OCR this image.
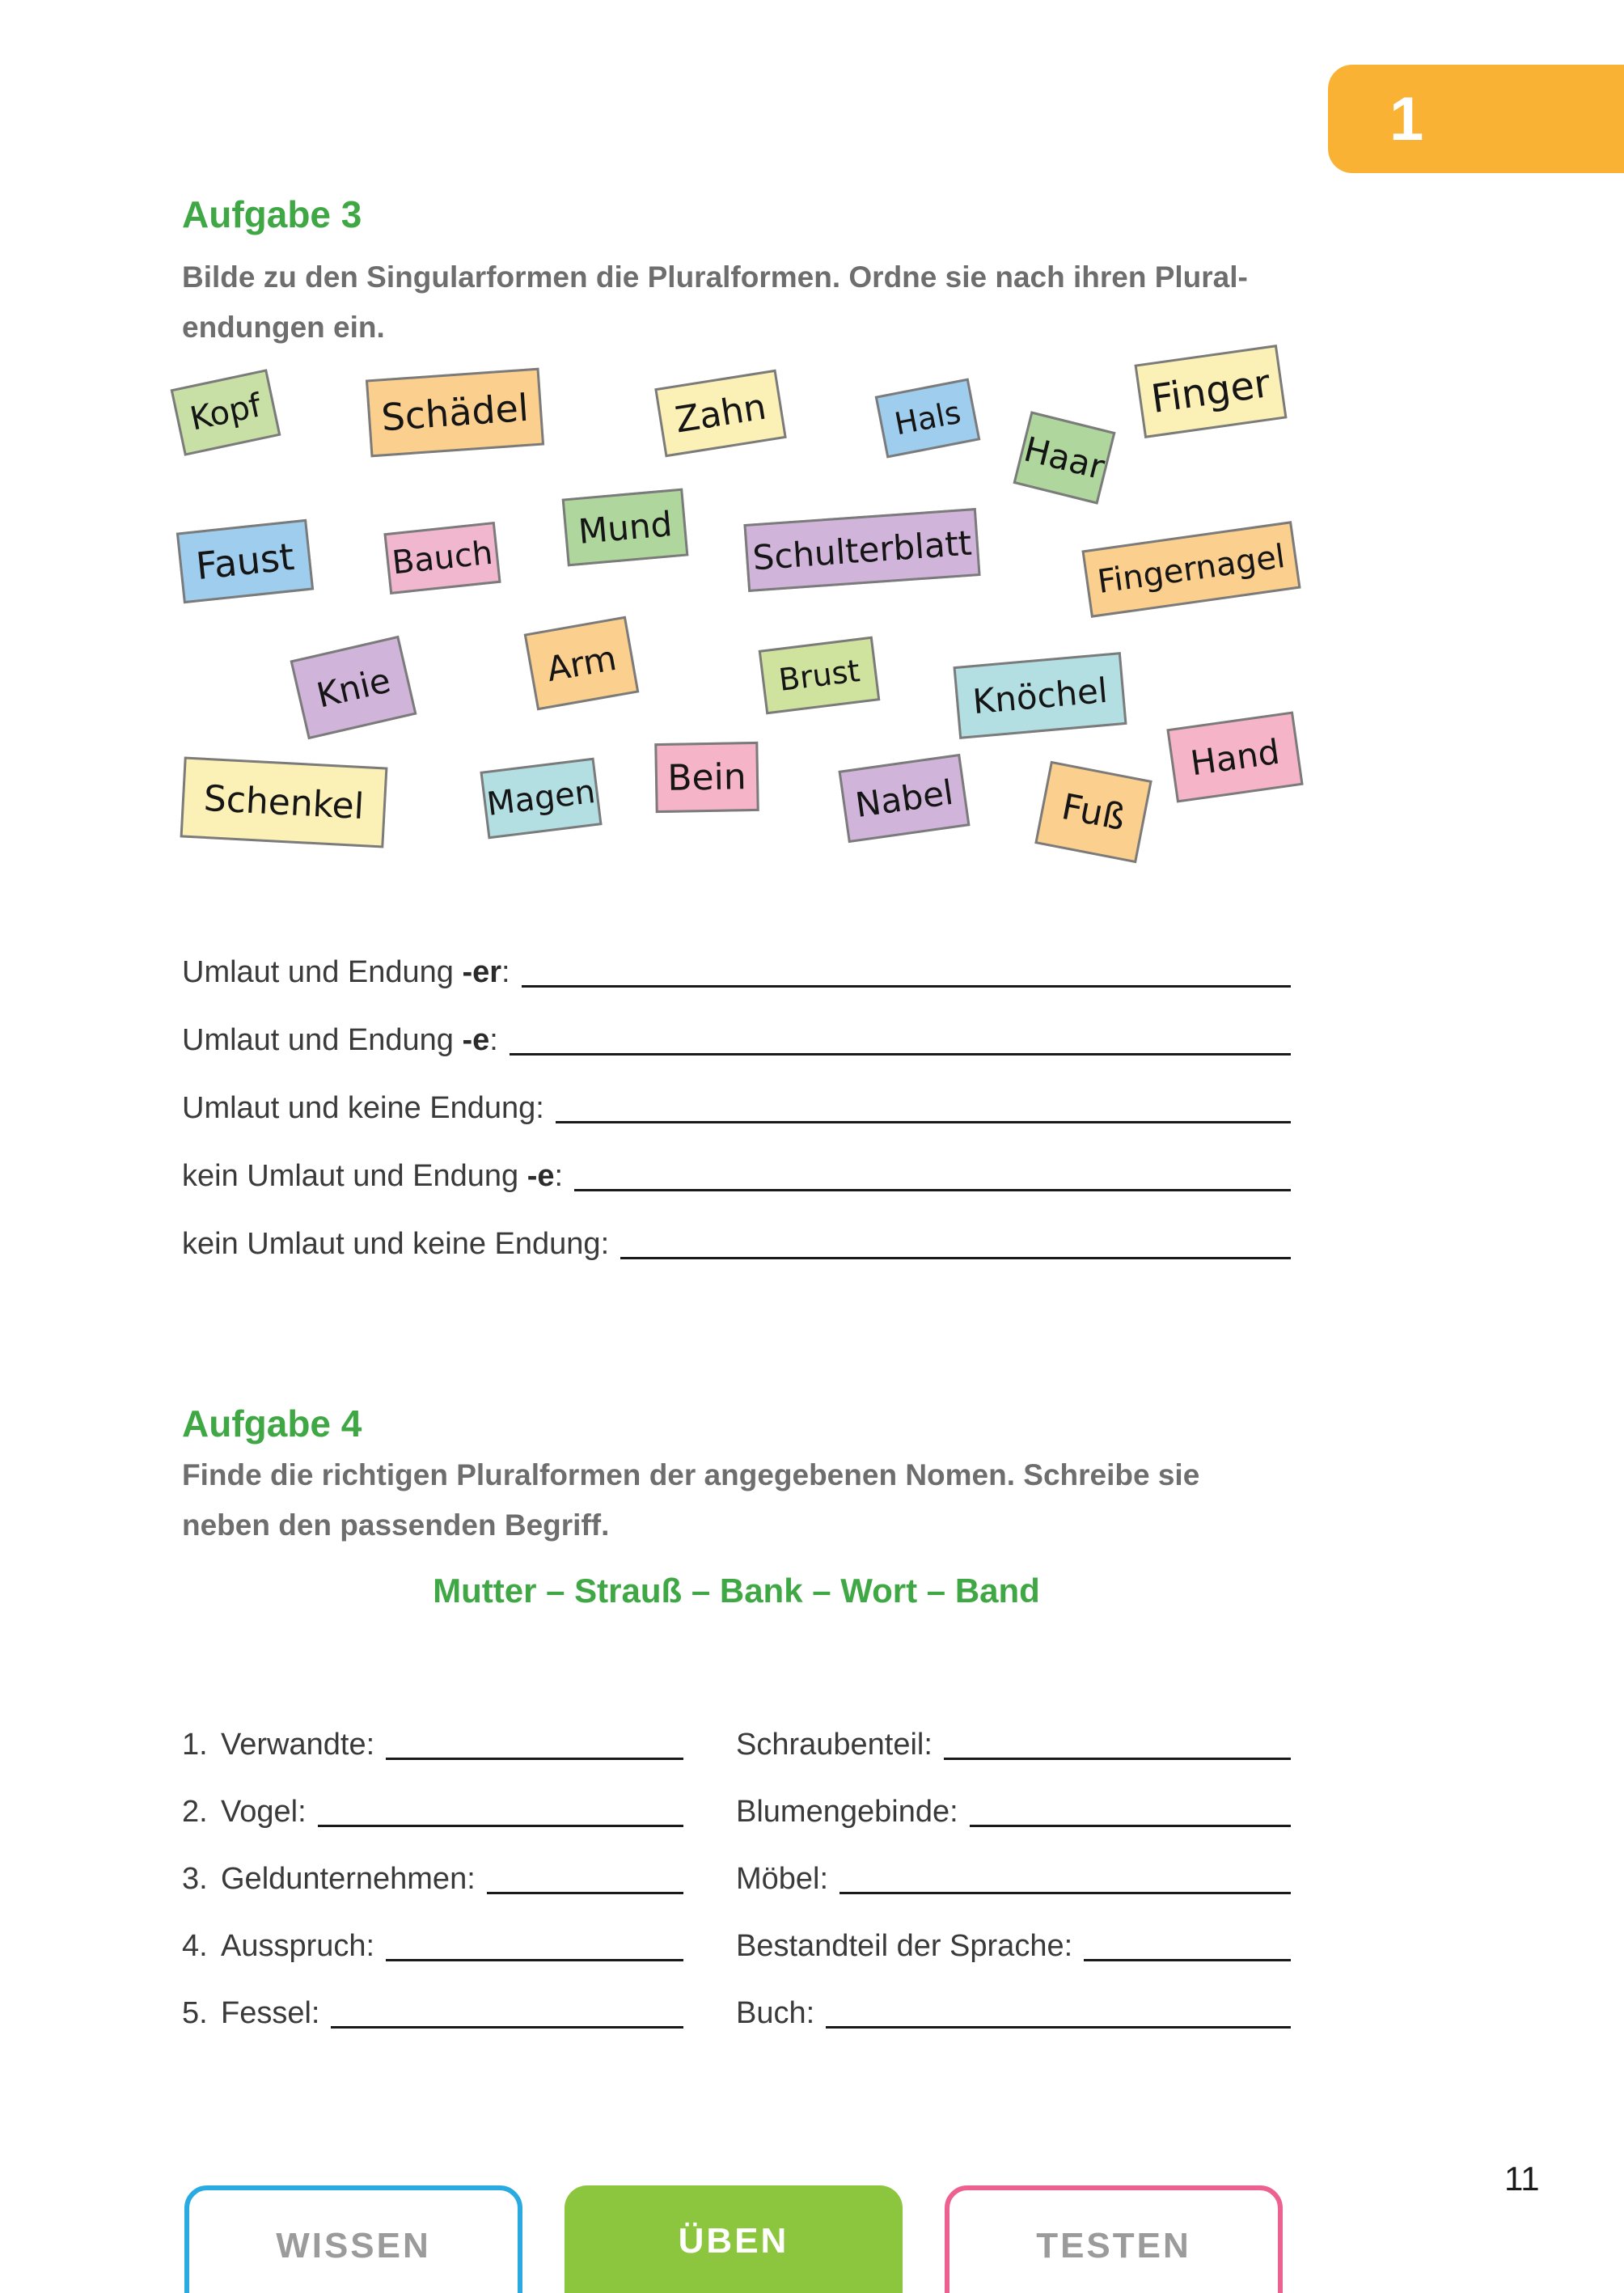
1
Aufgabe 3
Bilde zu den Singularformen die Pluralformen. Ordne sie nach ihren Plural-
endungen ein.
Kopf	Schädel	Zahn	Hals
Haar
Finger
Mund
Faust	Bauch	Schulterblatt	Fingernagel
Knie	Arm	Brust	Knöchel
Hand
Schenkel	Magen Bein	Nabel	Fuß
Umlaut und Endung -er:
Umlaut und Endung -e:
Umlaut und keine Endung:
kein Umlaut und Endung -e:
kein Umlaut und keine Endung:
Aufgabe 4
Finde die richtigen Pluralformen der angegebenen Nomen. Schreibe sie
neben den passenden Begriff.

Mutter – Strauß – Bank – Wort – Band

1. Verwandte:	Schraubenteil:
2. Vogel:	Blumengebinde:
3. Geldunternehmen:	Möbel:
4. Ausspruch:	Bestandteil der Sprache:
5. Fessel:	Buch:
WISSEN	ÜBEN	TESTEN
11
